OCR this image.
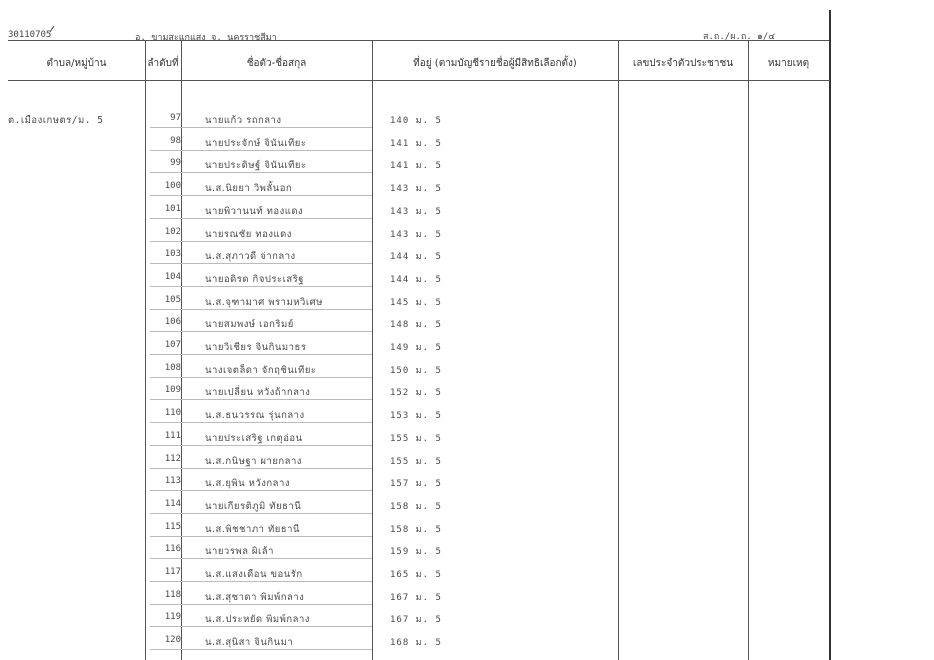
30110705	อ. ขามสะแกแสง จ. นครราชสีมา	ส.ถ./ผ.ถ. ๑/๔
ตำบล/หมู่บ้าน	ลำดับที่	ชื่อตัว-ชื่อสกุล	ที่อยู่ (ตามบัญชีรายชื่อผู้มีสิทธิเลือกตั้ง)	เลขประจำตัวประชาชน	หมายเหตุ
ต.เมืองเกษตร/ม. 5	97	นายแก้ว รถกลาง	140 ม. 5
98	นายประจักษ์ จินันเทียะ	141 ม. 5
99	นายประดิษฐ์ จินันเทียะ	141 ม. 5
100	น.ส.นิยยา วิพลั้นอก	143 ม. 5
101	นายพิวานนท์ ทองแดง	143 ม. 5
102	นายรณชัย ทองแดง	143 ม. 5
103	น.ส.สุภาวดี จ่ากลาง	144 ม. 5
104	นายอดิรด กิจประเสริฐ	144 ม. 5
105	น.ส.จุฑามาศ พรามหวิเศษ	145 ม. 5
106	นายสมพงษ์ เอกริมย์	148 ม. 5
107	นายวิเชียร จินกินมาธร	149 ม. 5
108	นางเจตล็ดา จักฤชินเทียะ	150 ม. 5
109	นายเปลี่ยน หวังถ้ากลาง	152 ม. 5
110	น.ส.ธนวรรณ รุ่นกลาง	153 ม. 5
111	นายประเสริฐ เกตุอ่อน	155 ม. 5
112	น.ส.กนิษฐา ผายกลาง	155 ม. 5
113	น.ส.ยุพิน หวังกลาง	157 ม. 5
114	นายเกียรติภูมิ ทัยธานี	158 ม. 5
115	น.ส.พิชชาภา ทัยธานี	158 ม. 5
116	นายวรพล ผิเล้า	159 ม. 5
117	น.ส.แสงเดือน ขอนรัก	165 ม. 5
118	น.ส.สุชาดา พิมพ์กลาง	167 ม. 5
119	น.ส.ประหยัด พิมพ์กลาง	167 ม. 5
120	น.ส.สุนิสา จินกินมา	168 ม. 5
